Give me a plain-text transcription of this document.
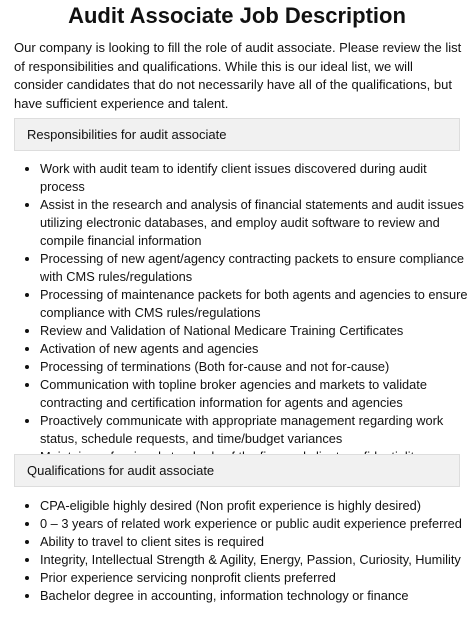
Audit Associate Job Description

Our company is looking to fill the role of audit associate. Please review the list of responsibilities and qualifications. While this is our ideal list, we will consider candidates that do not necessarily have all of the qualifications, but have sufficient experience and talent.

Responsibilities for audit associate
• Work with audit team to identify client issues discovered during audit process
• Assist in the research and analysis of financial statements and audit issues utilizing electronic databases, and employ audit software to review and compile financial information
• Processing of new agent/agency contracting packets to ensure compliance with CMS rules/regulations
• Processing of maintenance packets for both agents and agencies to ensure compliance with CMS rules/regulations
• Review and Validation of National Medicare Training Certificates
• Activation of new agents and agencies
• Processing of terminations (Both for-cause and not for-cause)
• Communication with topline broker agencies and markets to validate contracting and certification information for agents and agencies
• Proactively communicate with appropriate management regarding work status, schedule requests, and time/budget variances
•
Qualifications for audit associate
• CPA-eligible highly desired (Non profit experience is highly desired)
• 0 – 3 years of related work experience or public audit experience preferred
• Ability to travel to client sites is required
• Integrity, Intellectual Strength & Agility, Energy, Passion, Curiosity, Humility
• Prior experience servicing nonprofit clients preferred
• Bachelor degree in accounting, information technology or finance
